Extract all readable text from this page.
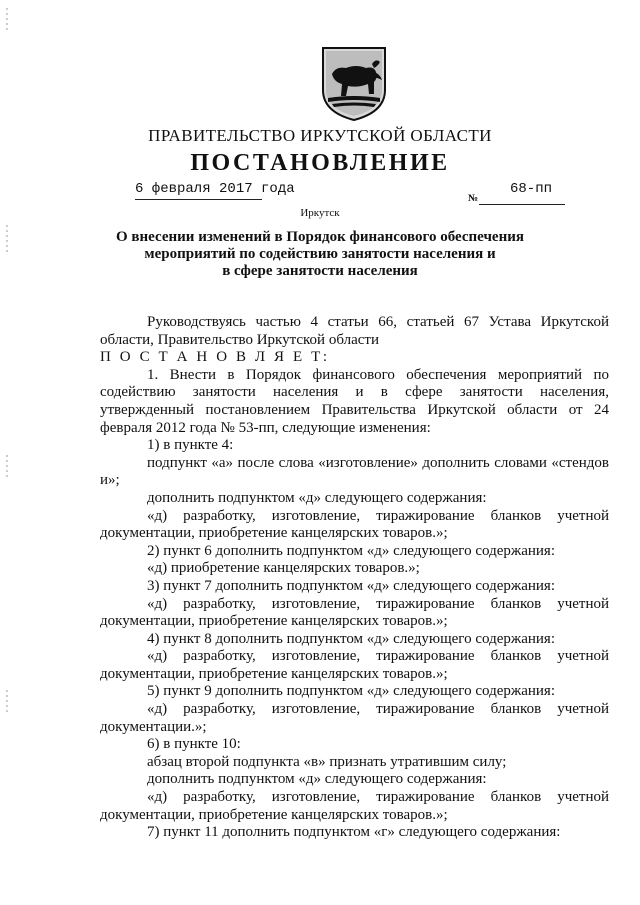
ПРАВИТЕЛЬСТВО ИРКУТСКОЙ ОБЛАСТИ
ПОСТАНОВЛЕНИЕ
6 февраля 2017 года
№
68-пп
Иркутск
О внесении изменений в Порядок финансового обеспечения
мероприятий по содействию занятости населения и
в сфере занятости населения

Руководствуясь частью 4 статьи 66, статьей 67 Устава Иркутской области, Правительство Иркутской области

П О С Т А Н О В Л Я Е Т:

1. Внести в Порядок финансового обеспечения мероприятий по содействию занятости населения и в сфере занятости населения, утвержденный постановлением Правительства Иркутской области от 24 февраля 2012 года № 53-пп, следующие изменения:

1) в пункте 4:

подпункт «а» после слова «изготовление» дополнить словами «стендов и»;

дополнить подпунктом «д» следующего содержания:

«д) разработку, изготовление, тиражирование бланков учетной документации, приобретение канцелярских товаров.»;

2) пункт 6 дополнить подпунктом «д» следующего содержания:

«д) приобретение канцелярских товаров.»;

3) пункт 7 дополнить подпунктом «д» следующего содержания:

«д) разработку, изготовление, тиражирование бланков учетной документации, приобретение канцелярских товаров.»;

4) пункт 8 дополнить подпунктом «д» следующего содержания:

«д) разработку, изготовление, тиражирование бланков учетной документации, приобретение канцелярских товаров.»;

5) пункт 9 дополнить подпунктом «д» следующего содержания:

«д) разработку, изготовление, тиражирование бланков учетной документации.»;

6) в пункте 10:

абзац второй подпункта «в» признать утратившим силу;

дополнить подпунктом «д» следующего содержания:

«д) разработку, изготовление, тиражирование бланков учетной документации, приобретение канцелярских товаров.»;

7) пункт 11 дополнить подпунктом «г» следующего содержания:
